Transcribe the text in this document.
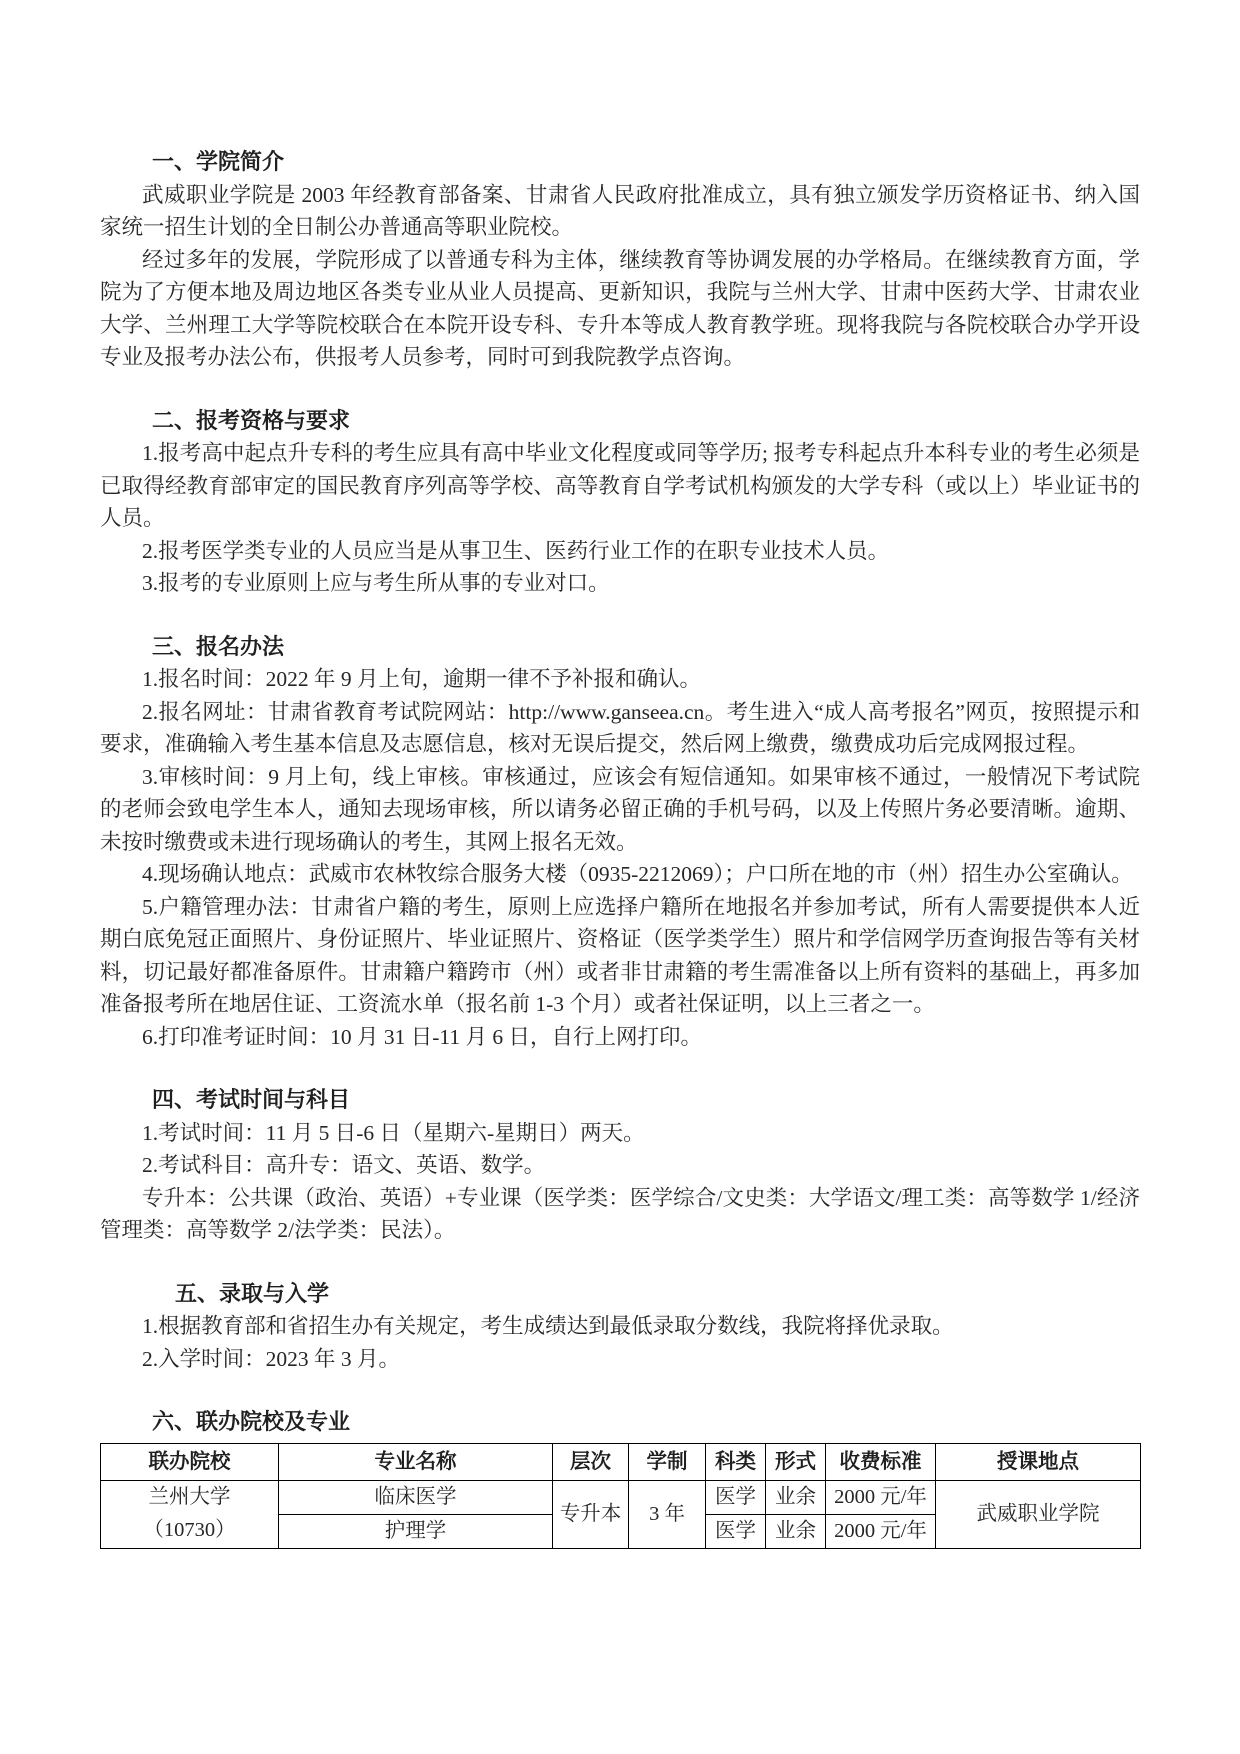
一、学院简介

武威职业学院是 2003 年经教育部备案、甘肃省人民政府批准成立，具有独立颁发学历资格证书、纳入国家统一招生计划的全日制公办普通高等职业院校。

经过多年的发展，学院形成了以普通专科为主体，继续教育等协调发展的办学格局。在继续教育方面，学院为了方便本地及周边地区各类专业从业人员提高、更新知识，我院与兰州大学、甘肃中医药大学、甘肃农业大学、兰州理工大学等院校联合在本院开设专科、专升本等成人教育教学班。现将我院与各院校联合办学开设专业及报考办法公布，供报考人员参考，同时可到我院教学点咨询。

二、报考资格与要求

1.报考高中起点升专科的考生应具有高中毕业文化程度或同等学历; 报考专科起点升本科专业的考生必须是已取得经教育部审定的国民教育序列高等学校、高等教育自学考试机构颁发的大学专科（或以上）毕业证书的人员。

2.报考医学类专业的人员应当是从事卫生、医药行业工作的在职专业技术人员。

3.报考的专业原则上应与考生所从事的专业对口。

三、报名办法

1.报名时间：2022 年 9 月上旬，逾期一律不予补报和确认。

2.报名网址：甘肃省教育考试院网站：http://www.ganseea.cn。考生进入“成人高考报名”网页，按照提示和要求，准确输入考生基本信息及志愿信息，核对无误后提交，然后网上缴费，缴费成功后完成网报过程。

3.审核时间：9 月上旬，线上审核。审核通过，应该会有短信通知。如果审核不通过，一般情况下考试院的老师会致电学生本人，通知去现场审核，所以请务必留正确的手机号码，以及上传照片务必要清晰。逾期、未按时缴费或未进行现场确认的考生，其网上报名无效。

4.现场确认地点：武威市农林牧综合服务大楼（0935-2212069）；户口所在地的市（州）招生办公室确认。

5.户籍管理办法：甘肃省户籍的考生，原则上应选择户籍所在地报名并参加考试，所有人需要提供本人近期白底免冠正面照片、身份证照片、毕业证照片、资格证（医学类学生）照片和学信网学历查询报告等有关材料，切记最好都准备原件。甘肃籍户籍跨市（州）或者非甘肃籍的考生需准备以上所有资料的基础上，再多加准备报考所在地居住证、工资流水单（报名前 1-3 个月）或者社保证明，以上三者之一。

6.打印准考证时间：10 月 31 日-11 月 6 日，自行上网打印。

四、考试时间与科目

1.考试时间：11 月 5 日-6 日（星期六-星期日）两天。

2.考试科目：高升专：语文、英语、数学。

专升本：公共课（政治、英语）+专业课（医学类：医学综合/文史类：大学语文/理工类：高等数学 1/经济管理类：高等数学 2/法学类：民法）。

五、录取与入学

1.根据教育部和省招生办有关规定，考生成绩达到最低录取分数线，我院将择优录取。

2.入学时间：2023 年 3 月。

六、联办院校及专业
联办院校	专业名称	层次	学制	科类	形式	收费标准	授课地点

兰州大学
（10730）	临床医学	专升本	3 年	医学	业余	2000 元/年	武威职业学院
	护理学			医学	业余	2000 元/年	
